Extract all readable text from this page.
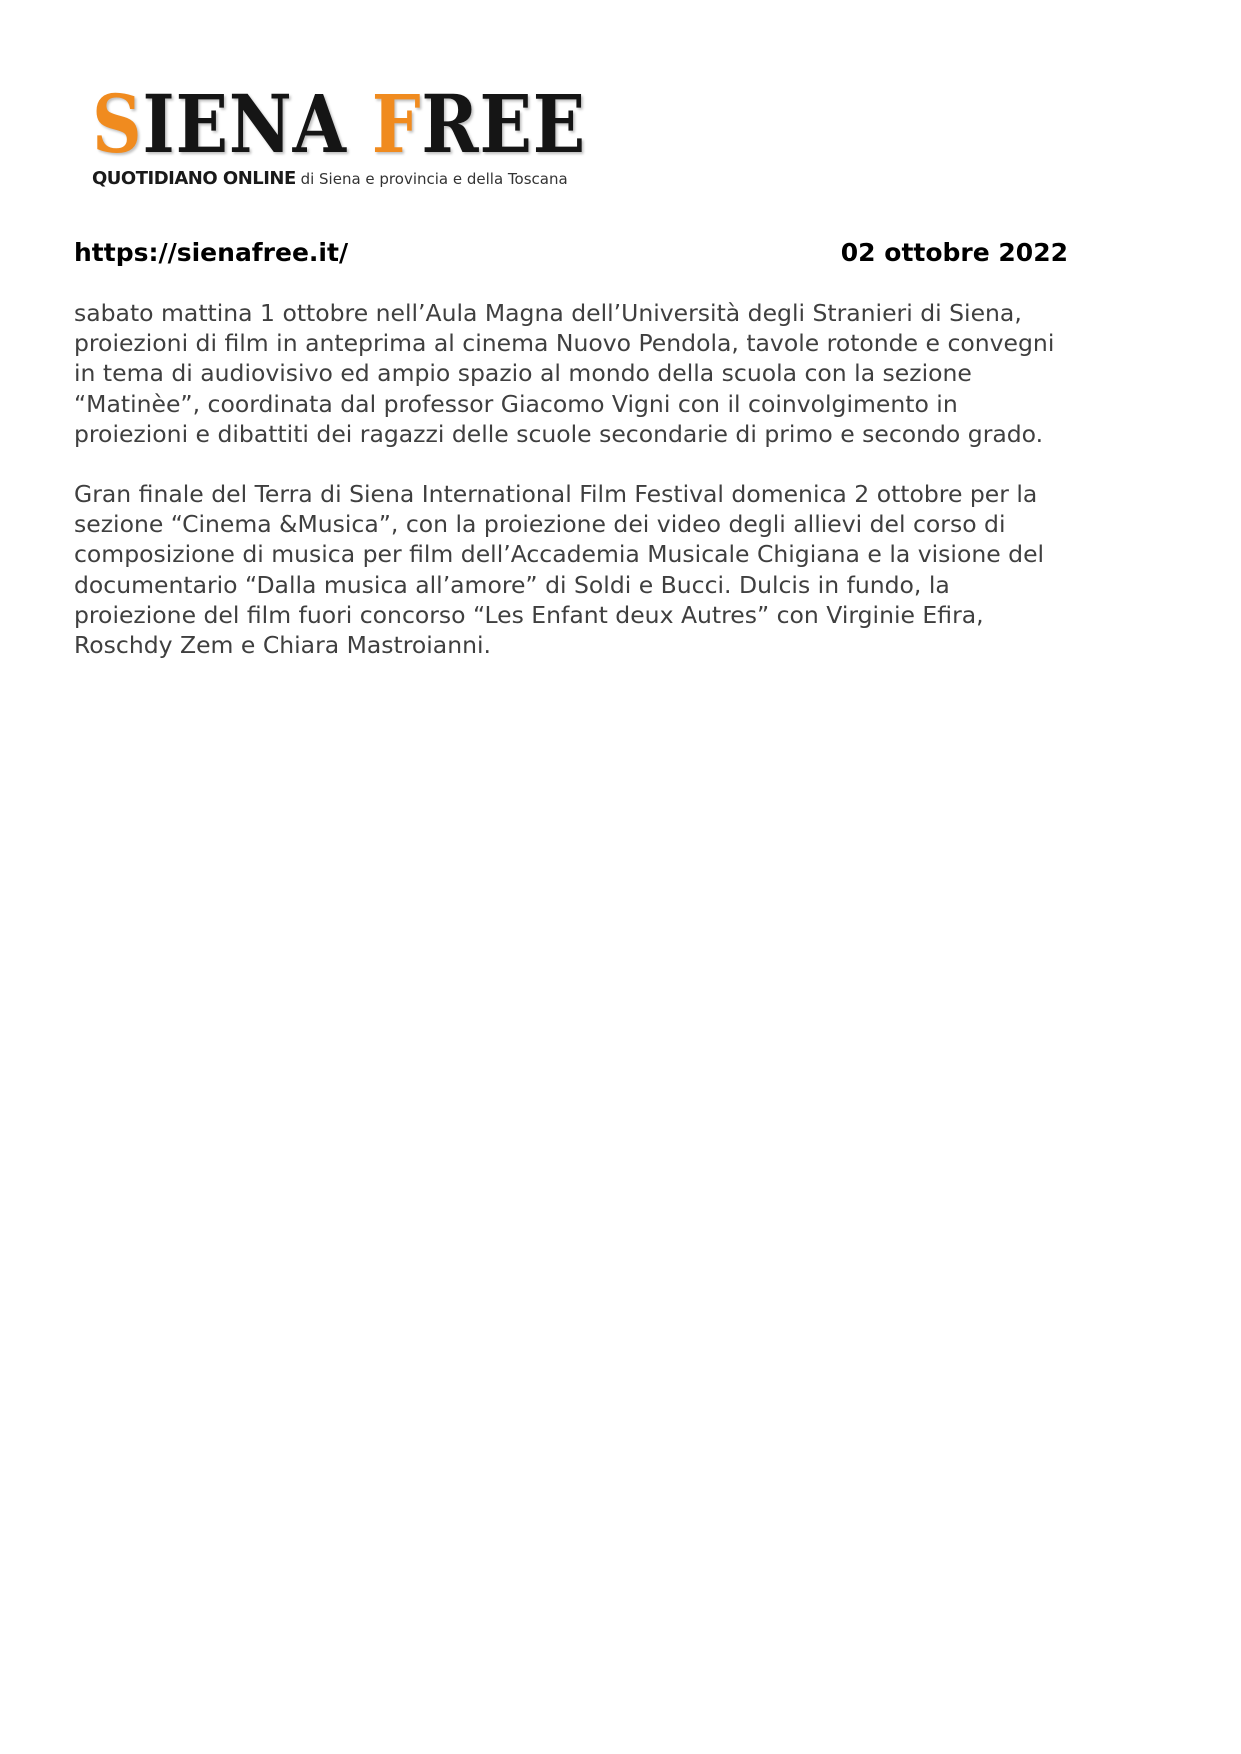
SIENA FREE
QUOTIDIANO ONLINE di Siena e provincia e della Toscana
https://sienafree.it/	02 ottobre 2022

sabato mattina 1 ottobre nell’Aula Magna dell’Università degli Stranieri di Siena,
proiezioni di film in anteprima al cinema Nuovo Pendola, tavole rotonde e convegni
in tema di audiovisivo ed ampio spazio al mondo della scuola con la sezione
“Matinèe”, coordinata dal professor Giacomo Vigni con il coinvolgimento in
proiezioni e dibattiti dei ragazzi delle scuole secondarie di primo e secondo grado.

Gran finale del Terra di Siena International Film Festival domenica 2 ottobre per la
sezione “Cinema &Musica”, con la proiezione dei video degli allievi del corso di
composizione di musica per film dell’Accademia Musicale Chigiana e la visione del
documentario “Dalla musica all’amore” di Soldi e Bucci. Dulcis in fundo, la
proiezione del film fuori concorso “Les Enfant deux Autres” con Virginie Efira,
Roschdy Zem e Chiara Mastroianni.
